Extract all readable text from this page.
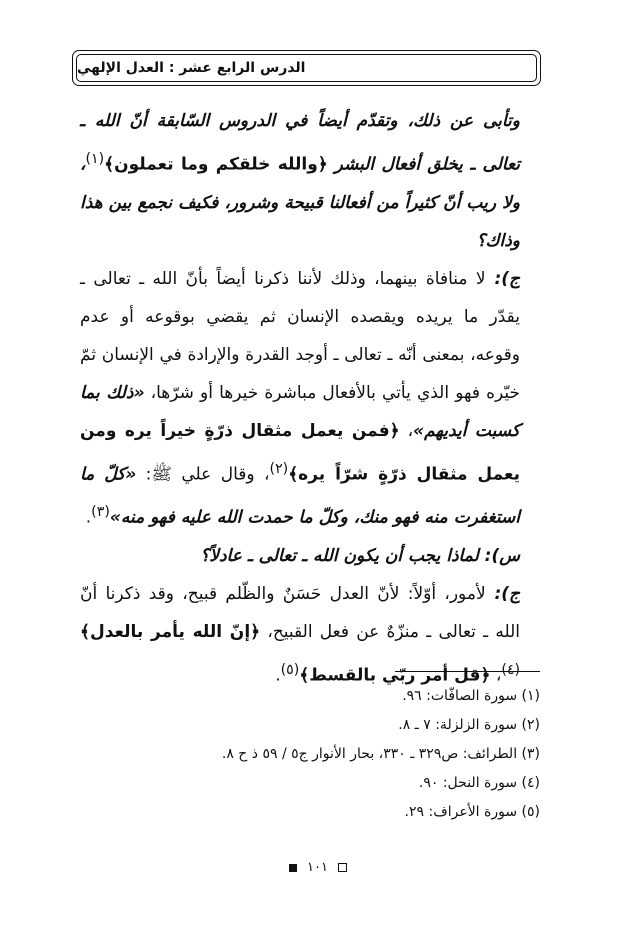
الدرس الرابع عشر : العدل الإلهي

وتأبى عن ذلك، وتقدّم أيضاً في الدروس السّابقة أنّ الله ـ تعالى ـ يخلق أفعال البشر ﴿والله خلقكم وما تعملون﴾$^{(١)}$، ولا ريب أنّ كثيراً من أفعالنا قبيحة وشرور، فكيف نجمع بين هذا وذاك؟

ج): لا منافاة بينهما، وذلك لأننا ذكرنا أيضاً بأنّ الله ـ تعالى ـ يقدّر ما يريده ويقصده الإنسان ثم يقضي بوقوعه أو عدم وقوعه، بمعنى أنّه ـ تعالى ـ أوجد القدرة والإرادة في الإنسان ثمّ خيّره فهو الذي يأتي بالأفعال مباشرة خيرها أو شرّها، «ذلك بما كسبت أيديهم»، ﴿فمن يعمل مثقال ذرّةٍ خيراً يره ومن يعمل مثقال ذرّةٍ شرّاً يره﴾$^{(٢)}$، وقال علي ﷺ: «كلّ ما استغفرت منه فهو منك، وكلّ ما حمدت الله عليه فهو منه»$^{(٣)}$.

س): لماذا يجب أن يكون الله ـ تعالى ـ عادلاً؟

ج): لأمور، أوّلاً: لأنّ العدل حَسَنٌ والظّلم قبيح، وقد ذكرنا أنّ الله ـ تعالى ـ منزّهٌ عن فعل القبيح، ﴿إنّ الله يأمر بالعدل﴾$^{(٤)}$، ﴿قل أمر ربّي بالقسط﴾$^{(٥)}$.

(١) سورة الصافّات: ٩٦.
(٢) سورة الزلزلة: ٧ ـ ٨.
(٣) الطرائف: ص٣٢٩ ـ ٣٣٠، بحار الأنوار ج٥ / ٥٩ ذ ح ٨.
(٤) سورة النحل: ٩٠.
(٥) سورة الأعراف: ٢٩.
١٠١
